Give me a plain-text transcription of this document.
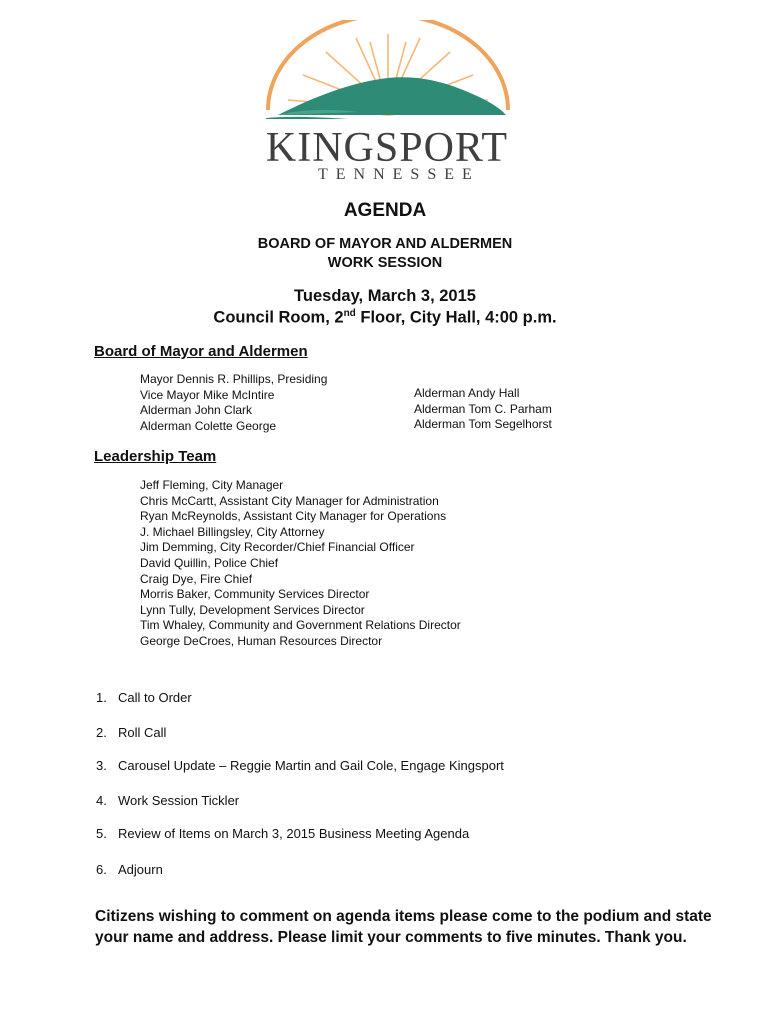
KINGSPORT
TENNESSEE
AGENDA
BOARD OF MAYOR AND ALDERMEN
WORK SESSION
Tuesday, March 3, 2015
Council Room, 2nd Floor, City Hall, 4:00 p.m.
Board of Mayor and Aldermen
Mayor Dennis R. Phillips, Presiding
Vice Mayor Mike McIntire
Alderman John Clark
Alderman Colette George
Alderman Andy Hall
Alderman Tom C. Parham
Alderman Tom Segelhorst
Leadership Team
Jeff Fleming, City Manager
Chris McCartt, Assistant City Manager for Administration
Ryan McReynolds, Assistant City Manager for Operations
J. Michael Billingsley, City Attorney
Jim Demming, City Recorder/Chief Financial Officer
David Quillin, Police Chief
Craig Dye, Fire Chief
Morris Baker, Community Services Director
Lynn Tully, Development Services Director
Tim Whaley, Community and Government Relations Director
George DeCroes, Human Resources Director
1. Call to Order
2. Roll Call
3. Carousel Update – Reggie Martin and Gail Cole, Engage Kingsport
4. Work Session Tickler
5. Review of Items on March 3, 2015 Business Meeting Agenda
6. Adjourn
Citizens wishing to comment on agenda items please come to the podium and state
your name and address. Please limit your comments to five minutes. Thank you.
